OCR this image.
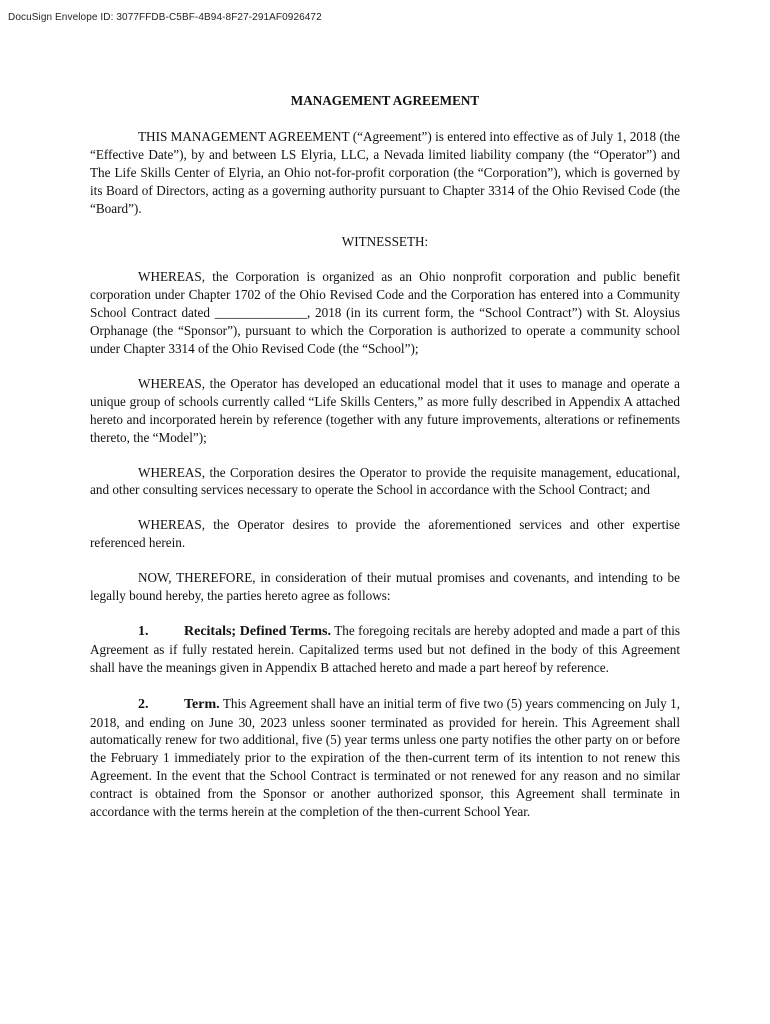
DocuSign Envelope ID: 3077FFDB-C5BF-4B94-8F27-291AF0926472
MANAGEMENT AGREEMENT

THIS MANAGEMENT AGREEMENT (“Agreement”) is entered into effective as of July 1, 2018 (the “Effective Date”), by and between LS Elyria, LLC, a Nevada limited liability company (the “Operator”) and The Life Skills Center of Elyria, an Ohio not-for-profit corporation (the “Corporation”), which is governed by its Board of Directors, acting as a governing authority pursuant to Chapter 3314 of the Ohio Revised Code (the “Board”).

WITNESSETH:

WHEREAS, the Corporation is organized as an Ohio nonprofit corporation and public benefit corporation under Chapter 1702 of the Ohio Revised Code and the Corporation has entered into a Community School Contract dated ______________, 2018 (in its current form, the “School Contract”) with St. Aloysius Orphanage (the “Sponsor”), pursuant to which the Corporation is authorized to operate a community school under Chapter 3314 of the Ohio Revised Code (the “School”);

WHEREAS, the Operator has developed an educational model that it uses to manage and operate a unique group of schools currently called “Life Skills Centers,” as more fully described in Appendix A attached hereto and incorporated herein by reference (together with any future improvements, alterations or refinements thereto, the “Model”);

WHEREAS, the Corporation desires the Operator to provide the requisite management, educational, and other consulting services necessary to operate the School in accordance with the School Contract; and

WHEREAS, the Operator desires to provide the aforementioned services and other expertise referenced herein.

NOW, THEREFORE, in consideration of their mutual promises and covenants, and intending to be legally bound hereby, the parties hereto agree as follows:

1.	Recitals; Defined Terms. The foregoing recitals are hereby adopted and made a part of this Agreement as if fully restated herein. Capitalized terms used but not defined in the body of this Agreement shall have the meanings given in Appendix B attached hereto and made a part hereof by reference.

2.	Term. This Agreement shall have an initial term of five two (5) years commencing on July 1, 2018, and ending on June 30, 2023 unless sooner terminated as provided for herein. This Agreement shall automatically renew for two additional, five (5) year terms unless one party notifies the other party on or before the February 1 immediately prior to the expiration of the then-current term of its intention to not renew this Agreement. In the event that the School Contract is terminated or not renewed for any reason and no similar contract is obtained from the Sponsor or another authorized sponsor, this Agreement shall terminate in accordance with the terms herein at the completion of the then-current School Year.
